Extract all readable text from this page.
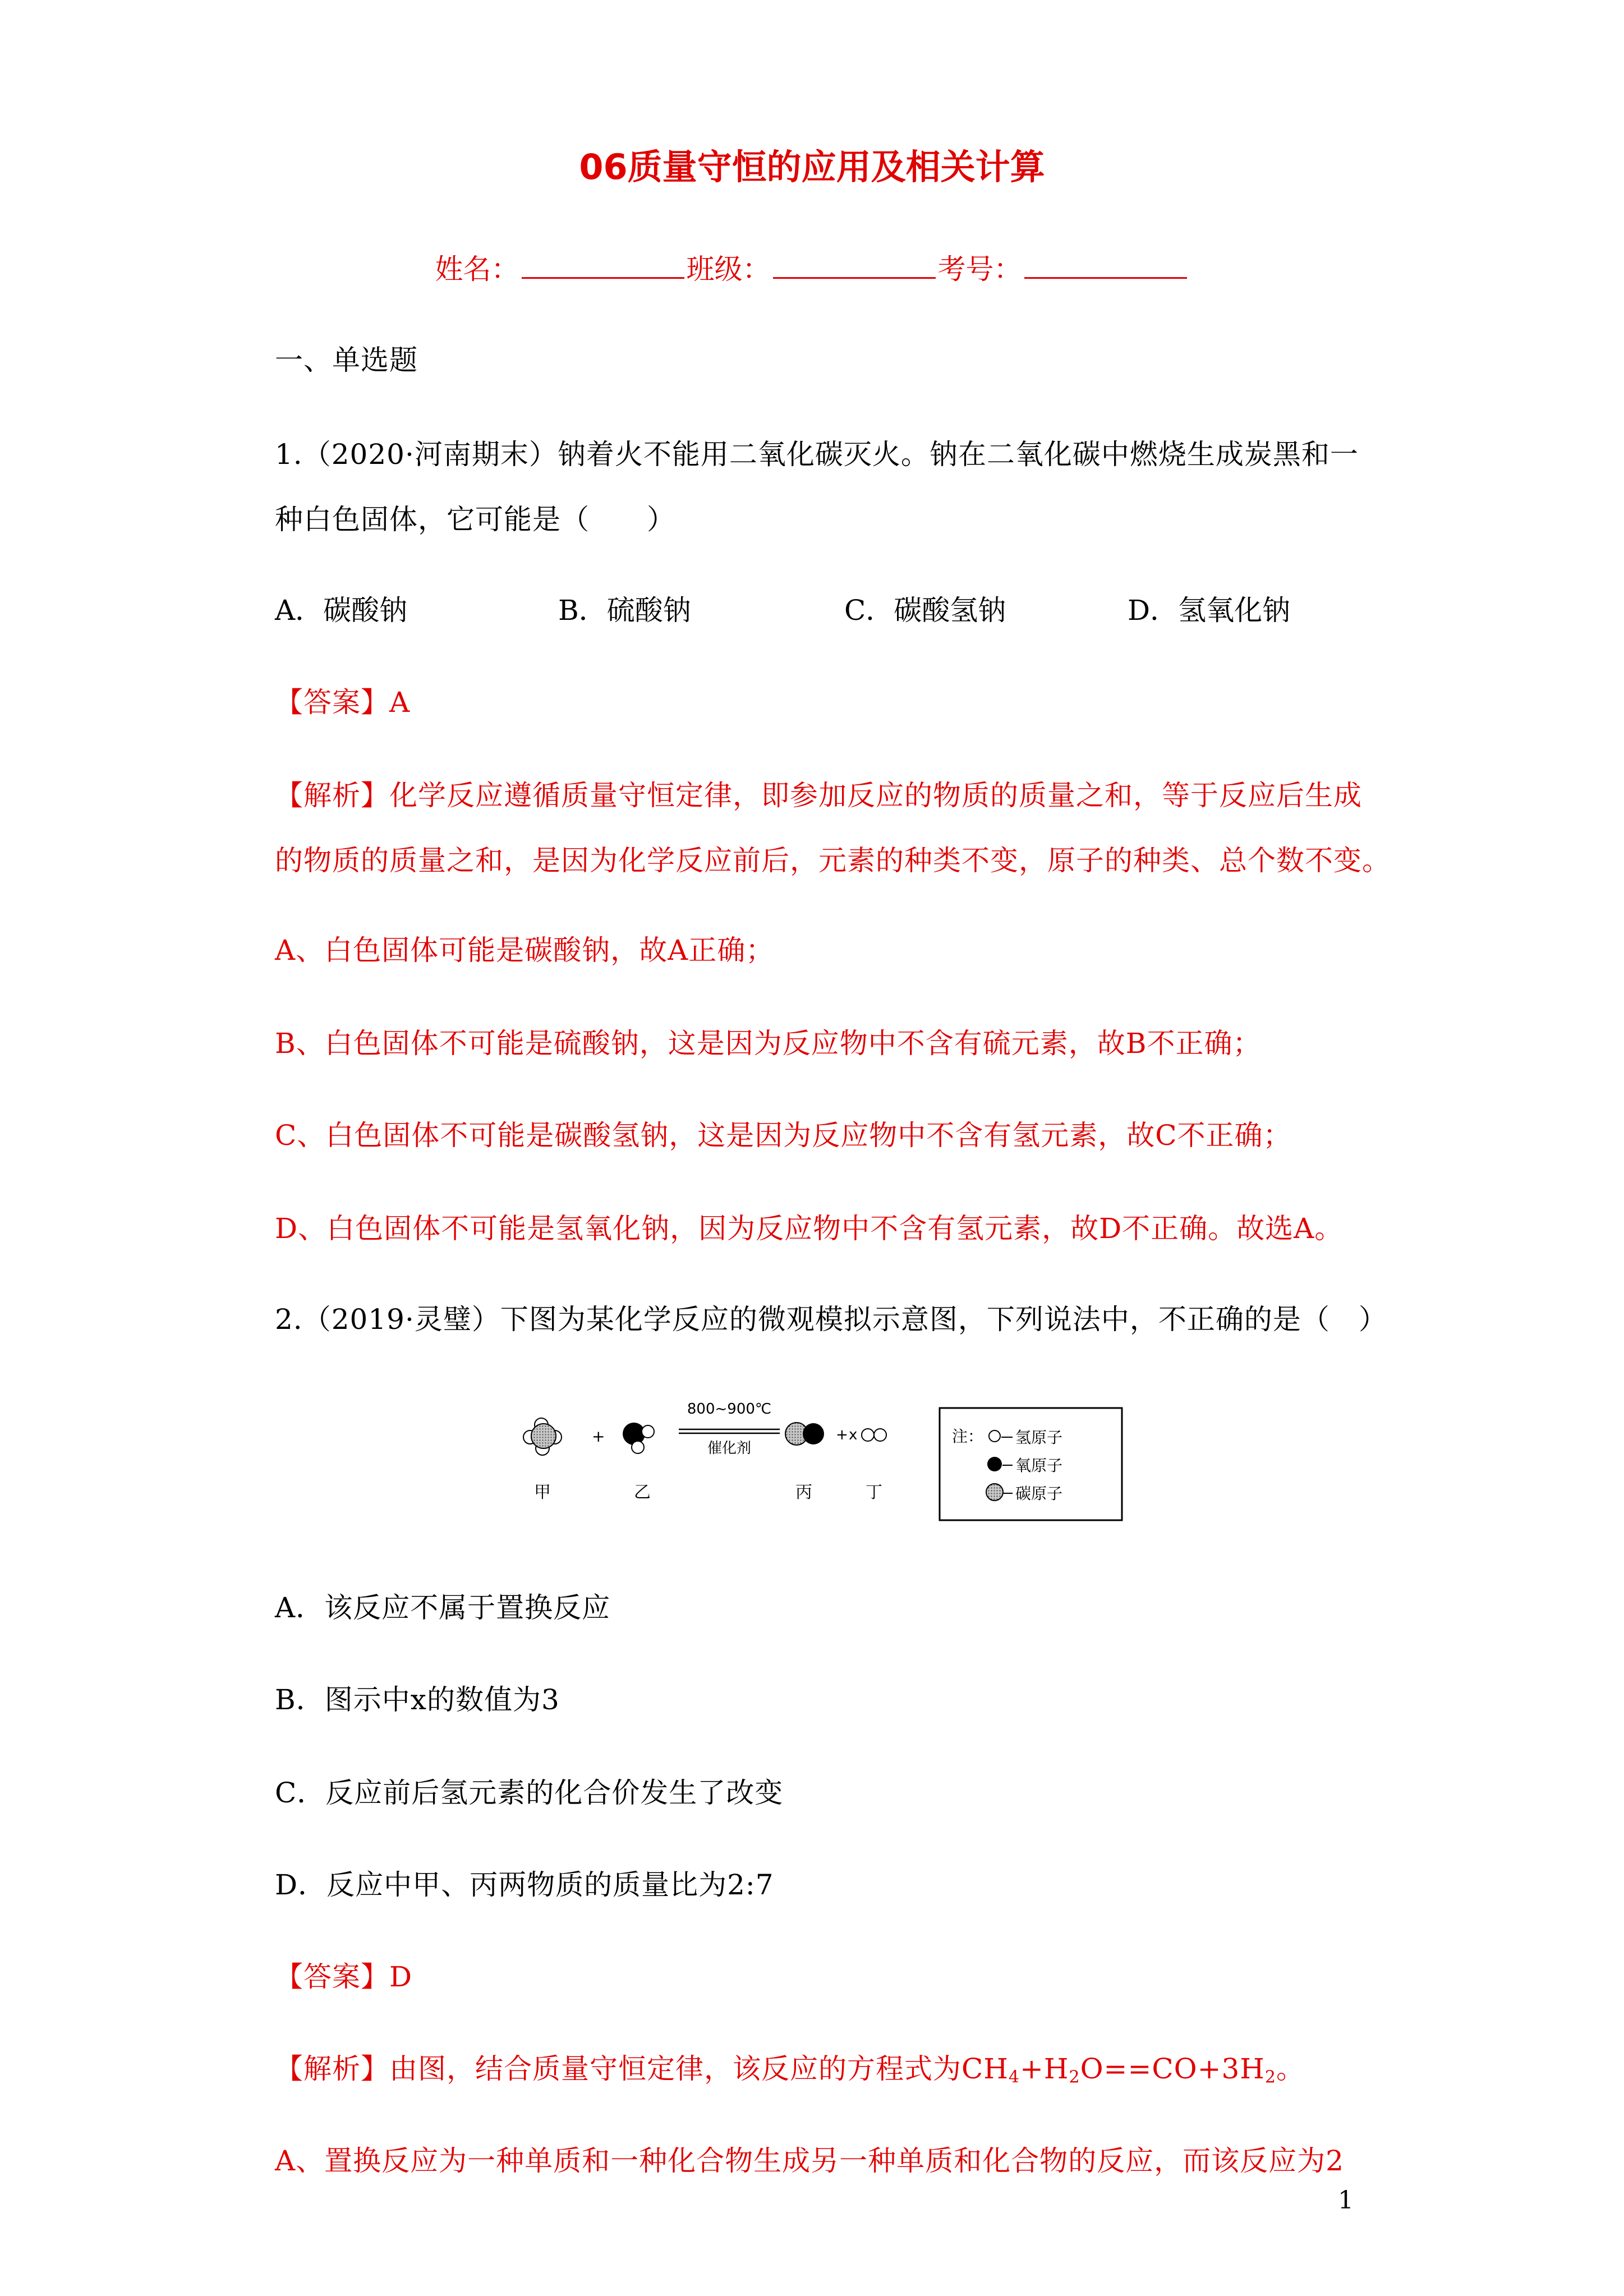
06质量守恒的应用及相关计算
姓名：	班级：	考号：
一、单选题
1.（2020·河南期末）钠着火不能用二氧化碳灭火。钠在二氧化碳中燃烧生成炭黑和一
种白色固体，它可能是（　　）
A．碳酸钠	B．硫酸钠	C．碳酸氢钠	D．氢氧化钠
【答案】A
【解析】化学反应遵循质量守恒定律，即参加反应的物质的质量之和，等于反应后生成
的物质的质量之和，是因为化学反应前后，元素的种类不变，原子的种类、总个数不变。
A、白色固体可能是碳酸钠，故A正确；
B、白色固体不可能是硫酸钠，这是因为反应物中不含有硫元素，故B不正确；
C、白色固体不可能是碳酸氢钠，这是因为反应物中不含有氢元素，故C不正确；
D、白色固体不可能是氢氧化钠，因为反应物中不含有氢元素，故D不正确。故选A。
2.（2019·灵璧）下图为某化学反应的微观模拟示意图，下列说法中，不正确的是（　）
+
800~900℃
催化剂
+ x
甲	乙	丙	丁
注： 氢原子
氧原子
碳原子
A．该反应不属于置换反应
B．图示中x的数值为3
C．反应前后氢元素的化合价发生了改变
D．反应中甲、丙两物质的质量比为2:7
【答案】D
【解析】由图，结合质量守恒定律，该反应的方程式为$CH_4+H_2O==CO+3H_2$。
A、置换反应为一种单质和一种化合物生成另一种单质和化合物的反应，而该反应为2
1
